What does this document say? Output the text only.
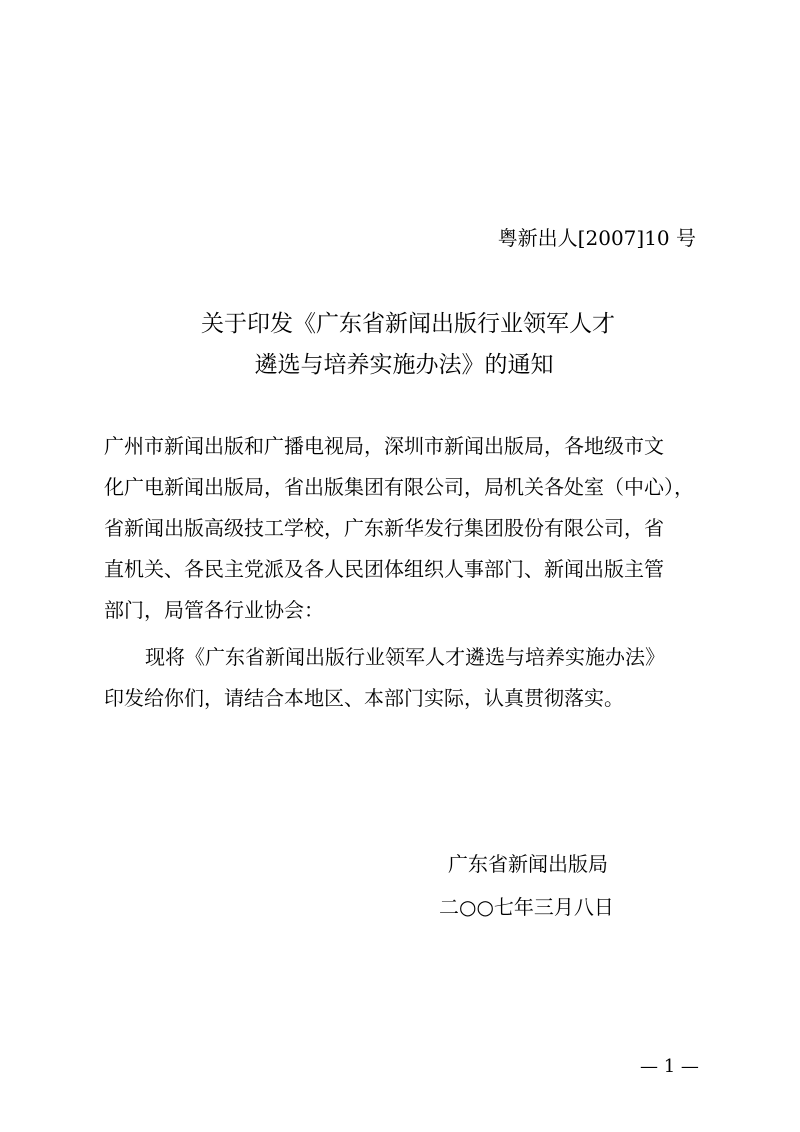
粤新出人[2007]10 号
关于印发《广东省新闻出版行业领军人才
遴选与培养实施办法》的通知
广州市新闻出版和广播电视局，深圳市新闻出版局，各地级市文
化广电新闻出版局，省出版集团有限公司，局机关各处室（中心），
省新闻出版高级技工学校，广东新华发行集团股份有限公司，省
直机关、各民主党派及各人民团体组织人事部门、新闻出版主管
部门，局管各行业协会：
现将《广东省新闻出版行业领军人才遴选与培养实施办法》
印发给你们，请结合本地区、本部门实际，认真贯彻落实。
广东省新闻出版局
二○○七年三月八日
— 1 —
